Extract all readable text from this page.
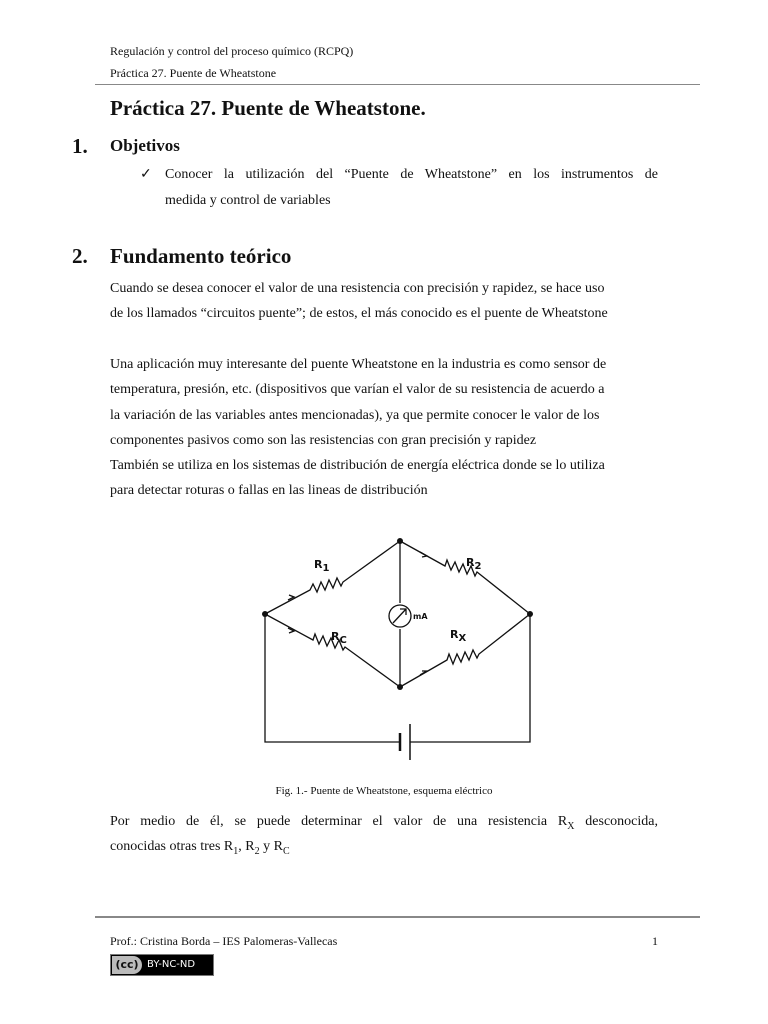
Regulación y control del proceso químico (RCPQ)
Práctica 27. Puente de Wheatstone
Práctica 27. Puente de Wheatstone.
1. Objetivos
✓ Conocer la utilización del “Puente de Wheatstone” en los instrumentos de
medida y control de variables
2. Fundamento teórico
Cuando se desea conocer el valor de una resistencia con precisión y rapidez, se hace uso
de los llamados “circuitos puente”; de estos, el más conocido es el puente de Wheatstone
Una aplicación muy interesante del puente Wheatstone en la industria es como sensor de
temperatura, presión, etc. (dispositivos que varían el valor de su resistencia de acuerdo a
la variación de las variables antes mencionadas), ya que permite conocer le valor de los
componentes pasivos como son las resistencias con gran precisión y rapidez
También se utiliza en los sistemas de distribución de energía eléctrica donde se lo utiliza
para detectar roturas o fallas en las lineas de distribución
$R_1$	$R_2$
$R_C$	$R_X$
mA
Fig. 1.- Puente de Wheatstone, esquema eléctrico
Por medio de él, se puede determinar el valor de una resistencia $R_X$ desconocida,
conocidas otras tres $R_1$, $R_2$ y $R_C$
Prof.: Cristina Borda – IES Palomeras-Vallecas	1
(cc) BY-NC-ND
